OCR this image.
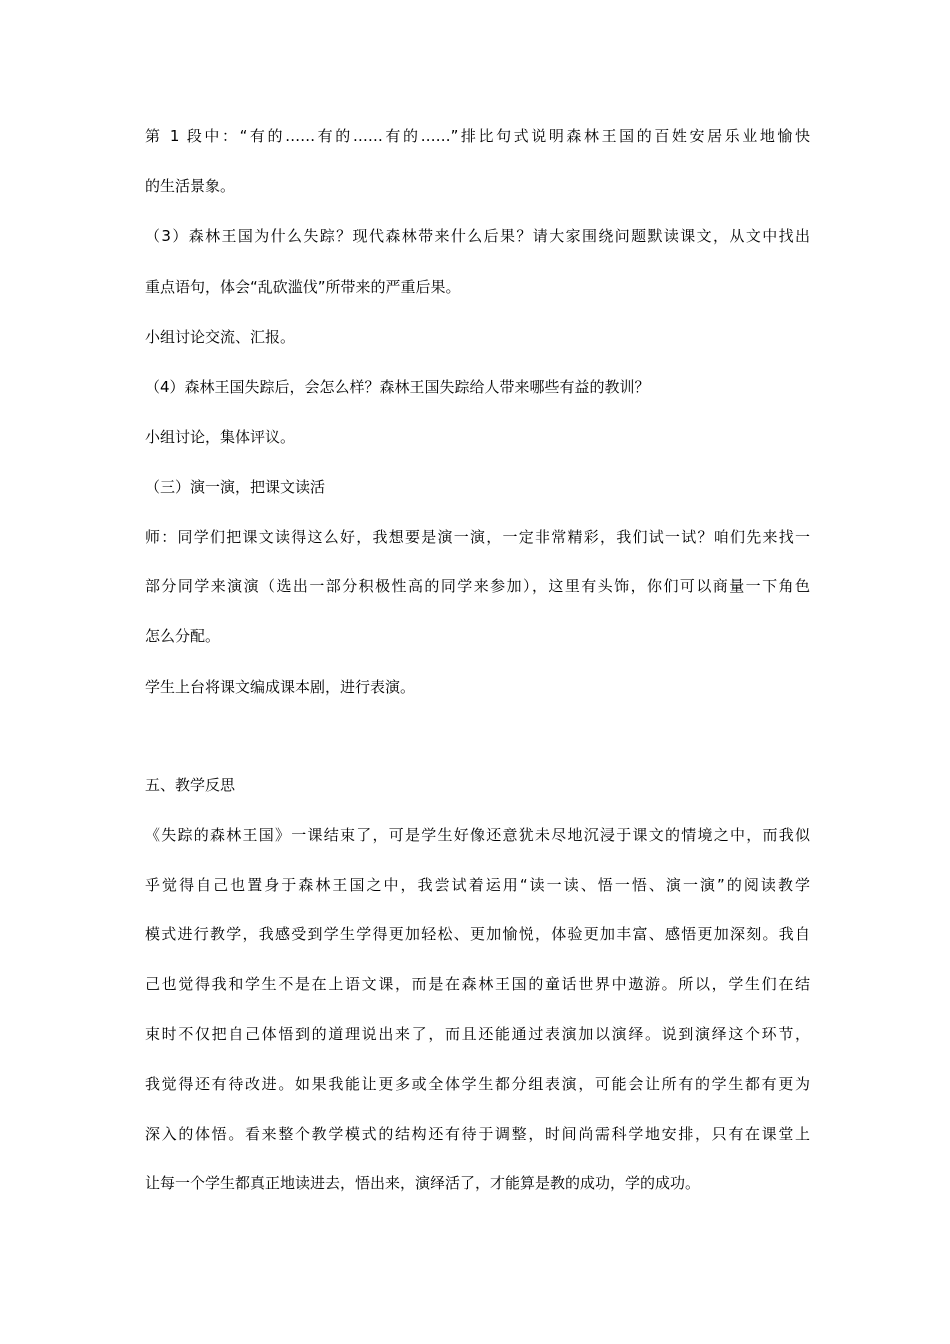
第 1 段中：“有的……有的……有的……”排比句式说明森林王国的百姓安居乐业地愉快
的生活景象。
（3）森林王国为什么失踪？现代森林带来什么后果？请大家围绕问题默读课文，从文中找出
重点语句，体会“乱砍滥伐”所带来的严重后果。
小组讨论交流、汇报。
（4）森林王国失踪后，会怎么样？森林王国失踪给人带来哪些有益的教训？
小组讨论，集体评议。
（三）演一演，把课文读活
师：同学们把课文读得这么好，我想要是演一演，一定非常精彩，我们试一试？咱们先来找一
部分同学来演演（选出一部分积极性高的同学来参加），这里有头饰，你们可以商量一下角色
怎么分配。
学生上台将课文编成课本剧，进行表演。
五、教学反思
《失踪的森林王国》一课结束了，可是学生好像还意犹未尽地沉浸于课文的情境之中，而我似
乎觉得自己也置身于森林王国之中，我尝试着运用“读一读、悟一悟、演一演”的阅读教学
模式进行教学，我感受到学生学得更加轻松、更加愉悦，体验更加丰富、感悟更加深刻。我自
己也觉得我和学生不是在上语文课，而是在森林王国的童话世界中遨游。所以，学生们在结
束时不仅把自己体悟到的道理说出来了，而且还能通过表演加以演绎。说到演绎这个环节，
我觉得还有待改进。如果我能让更多或全体学生都分组表演，可能会让所有的学生都有更为
深入的体悟。看来整个教学模式的结构还有待于调整，时间尚需科学地安排，只有在课堂上
让每一个学生都真正地读进去，悟出来，演绎活了，才能算是教的成功，学的成功。
